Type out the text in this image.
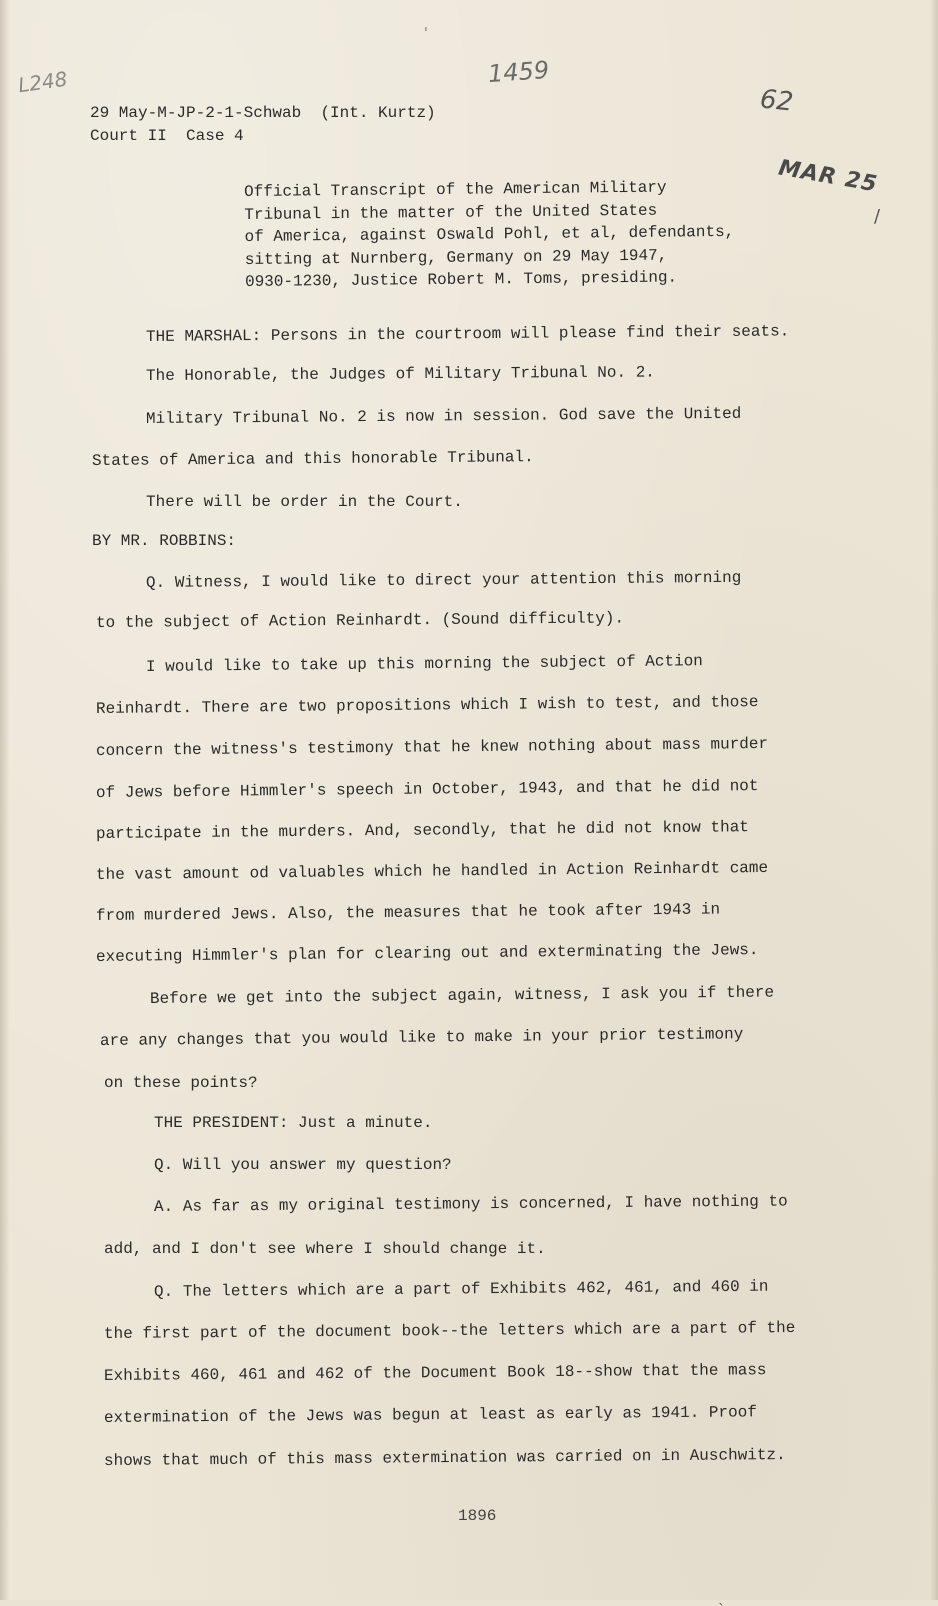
L248	1459
62
MAR 25
29 May-M-JP-2-1-Schwab  (Int. Kurtz)
Court II  Case 4
Official Transcript of the American Military
Tribunal in the matter of the United States
of America, against Oswald Pohl, et al, defendants,
sitting at Nurnberg, Germany on 29 May 1947,
0930-1230, Justice Robert M. Toms, presiding.
THE MARSHAL: Persons in the courtroom will please find their seats.
The Honorable, the Judges of Military Tribunal No. 2.
Military Tribunal No. 2 is now in session. God save the United
States of America and this honorable Tribunal.
There will be order in the Court.
BY MR. ROBBINS:
Q. Witness, I would like to direct your attention this morning
to the subject of Action Reinhardt. (Sound difficulty).
I would like to take up this morning the subject of Action
Reinhardt. There are two propositions which I wish to test, and those
concern the witness's testimony that he knew nothing about mass murder
of Jews before Himmler's speech in October, 1943, and that he did not
participate in the murders. And, secondly, that he did not know that
the vast amount od valuables which he handled in Action Reinhardt came
from murdered Jews. Also, the measures that he took after 1943 in
executing Himmler's plan for clearing out and exterminating the Jews.
Before we get into the subject again, witness, I ask you if there
are any changes that you would like to make in your prior testimony
on these points?
THE PRESIDENT: Just a minute.
Q. Will you answer my question?
A. As far as my original testimony is concerned, I have nothing to
add, and I don't see where I should change it.
Q. The letters which are a part of Exhibits 462, 461, and 460 in
the first part of the document book--the letters which are a part of the
Exhibits 460, 461 and 462 of the Document Book 18--show that the mass
extermination of the Jews was begun at least as early as 1941. Proof
shows that much of this mass extermination was carried on in Auschwitz.
1896
ˈ
/
ˎ
